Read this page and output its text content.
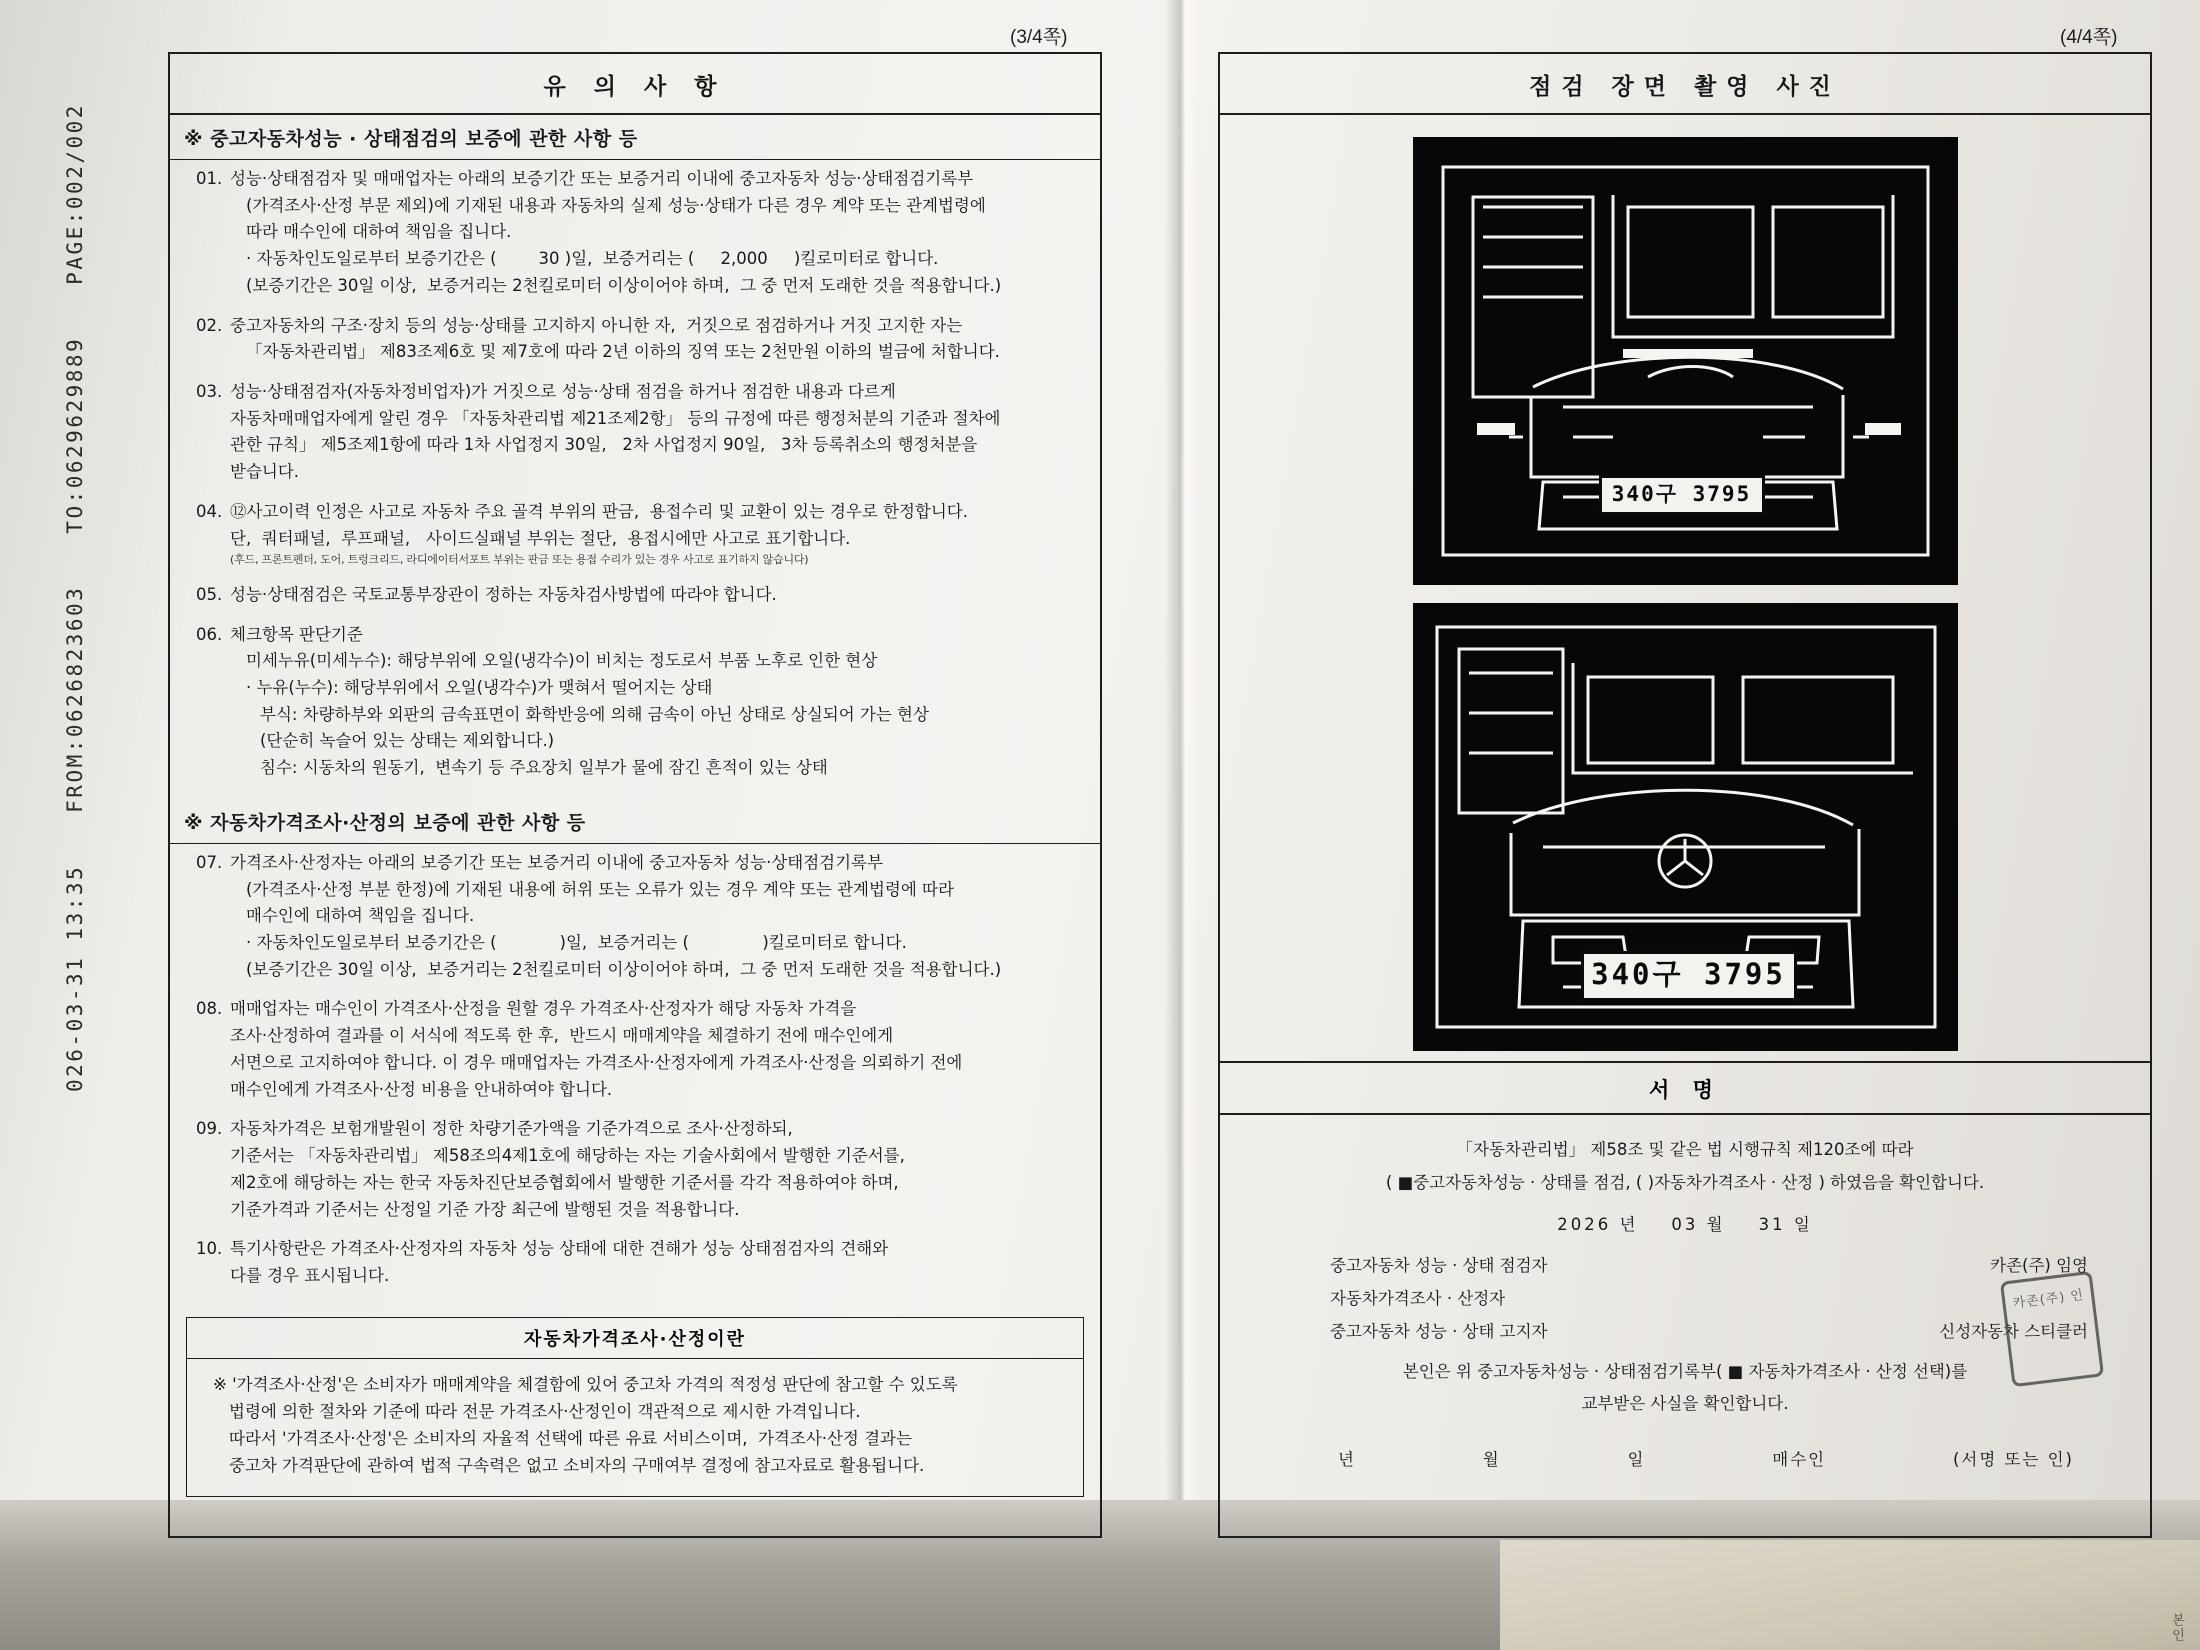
026-03-31 13:35
FROM:0626823603
TO:0629629889
PAGE:002/002
(3/4쪽)
유 의 사 항
※ 중고자동차성능 · 상태점검의 보증에 관한 사항 등
01. 성능·상태점검자 및 매매업자는 아래의 보증기간 또는 보증거리 이내에 중고자동차 성능·상태점검기록부
(가격조사·산정 부문 제외)에 기재된 내용과 자동차의 실제 성능·상태가 다른 경우 계약 또는 관계법령에
따라 매수인에 대하여 책임을 집니다.
· 자동차인도일로부터 보증기간은 (        30 )일,  보증거리는 (     2,000     )킬로미터로 합니다.
(보증기간은 30일 이상,  보증거리는 2천킬로미터 이상이어야 하며,  그 중 먼저 도래한 것을 적용합니다.)
02. 중고자동차의 구조·장치 등의 성능·상태를 고지하지 아니한 자,  거짓으로 점검하거나 거짓 고지한 자는
「자동차관리법」 제83조제6호 및 제7호에 따라 2년 이하의 징역 또는 2천만원 이하의 벌금에 처합니다.
03. 성능·상태점검자(자동차정비업자)가 거짓으로 성능·상태 점검을 하거나 점검한 내용과 다르게
자동차매매업자에게 알린 경우 「자동차관리법 제21조제2항」 등의 규정에 따른 행정처분의 기준과 절차에
관한 규칙」 제5조제1항에 따라 1차 사업정지 30일,   2차 사업정지 90일,   3차 등록취소의 행정처분을
받습니다.
04. ⑫사고이력 인정은 사고로 자동차 주요 골격 부위의 판금,  용접수리 및 교환이 있는 경우로 한정합니다.
단,  쿼터패널,  루프패널,   사이드실패널 부위는 절단,  용접시에만 사고로 표기합니다.
(후드, 프론트펜더, 도어, 트렁크리드, 라디에이터서포트 부위는 판금 또는 용접 수리가 있는 경우 사고로 표기하지 않습니다)
05. 성능·상태점검은 국토교통부장관이 정하는 자동차검사방법에 따라야 합니다.
06. 체크항목 판단기준
미세누유(미세누수): 해당부위에 오일(냉각수)이 비치는 정도로서 부품 노후로 인한 현상
· 누유(누수): 해당부위에서 오일(냉각수)가 맺혀서 떨어지는 상태
부식: 차량하부와 외판의 금속표면이 화학반응에 의해 금속이 아닌 상태로 상실되어 가는 현상
(단순히 녹슬어 있는 상태는 제외합니다.)
침수: 시동차의 원동기,  변속기 등 주요장치 일부가 물에 잠긴 흔적이 있는 상태
※ 자동차가격조사·산정의 보증에 관한 사항 등
07. 가격조사·산정자는 아래의 보증기간 또는 보증거리 이내에 중고자동차 성능·상태점검기록부
(가격조사·산정 부분 한정)에 기재된 내용에 허위 또는 오류가 있는 경우 계약 또는 관계법령에 따라
매수인에 대하여 책임을 집니다.
· 자동차인도일로부터 보증기간은 (            )일,  보증거리는 (              )킬로미터로 합니다.
(보증기간은 30일 이상,  보증거리는 2천킬로미터 이상이어야 하며,  그 중 먼저 도래한 것을 적용합니다.)
08. 매매업자는 매수인이 가격조사·산정을 원할 경우 가격조사·산정자가 해당 자동차 가격을
조사·산정하여 결과를 이 서식에 적도록 한 후,  반드시 매매계약을 체결하기 전에 매수인에게
서면으로 고지하여야 합니다. 이 경우 매매업자는 가격조사·산정자에게 가격조사·산정을 의뢰하기 전에
매수인에게 가격조사·산정 비용을 안내하여야 합니다.
09. 자동차가격은 보험개발원이 정한 차량기준가액을 기준가격으로 조사·산정하되,
기준서는 「자동차관리법」 제58조의4제1호에 해당하는 자는 기술사회에서 발행한 기준서를,
제2호에 해당하는 자는 한국 자동차진단보증협회에서 발행한 기준서를 각각 적용하여야 하며,
기준가격과 기준서는 산정일 기준 가장 최근에 발행된 것을 적용합니다.
10. 특기사항란은 가격조사·산정자의 자동차 성능 상태에 대한 견해가 성능 상태점검자의 견해와
다를 경우 표시됩니다.
자동차가격조사·산정이란
※ '가격조사·산정'은 소비자가 매매계약을 체결함에 있어 중고차 가격의 적정성 판단에 참고할 수 있도록
법령에 의한 절차와 기준에 따라 전문 가격조사·산정인이 객관적으로 제시한 가격입니다.
따라서 '가격조사·산정'은 소비자의 자율적 선택에 따른 유료 서비스이며,  가격조사·산정 결과는
중고차 가격판단에 관하여 법적 구속력은 없고 소비자의 구매여부 결정에 참고자료로 활용됩니다.
(4/4쪽)
점검 장면 촬영 사진
340구 3795
340구 3795
서 명
「자동차관리법」 제58조 및 같은 법 시행규칙 제120조에 따라
( ■중고자동차성능 · 상태를 점검, ( )자동차가격조사 · 산정 ) 하였음을 확인합니다.
2026 년 03 월 31 일
중고자동차 성능 · 상태 점검자	카존(주) 임영
자동차가격조사 · 산정자
중고자동차 성능 · 상태 고지자	신성자동차 스티클러
본인은 위 중고자동차성능 · 상태점검기록부( ■ 자동차가격조사 · 산정 선택)를
교부받은 사실을 확인합니다.
년	월	일	매수인	(서명 또는 인)
카존(주) 인
본인
